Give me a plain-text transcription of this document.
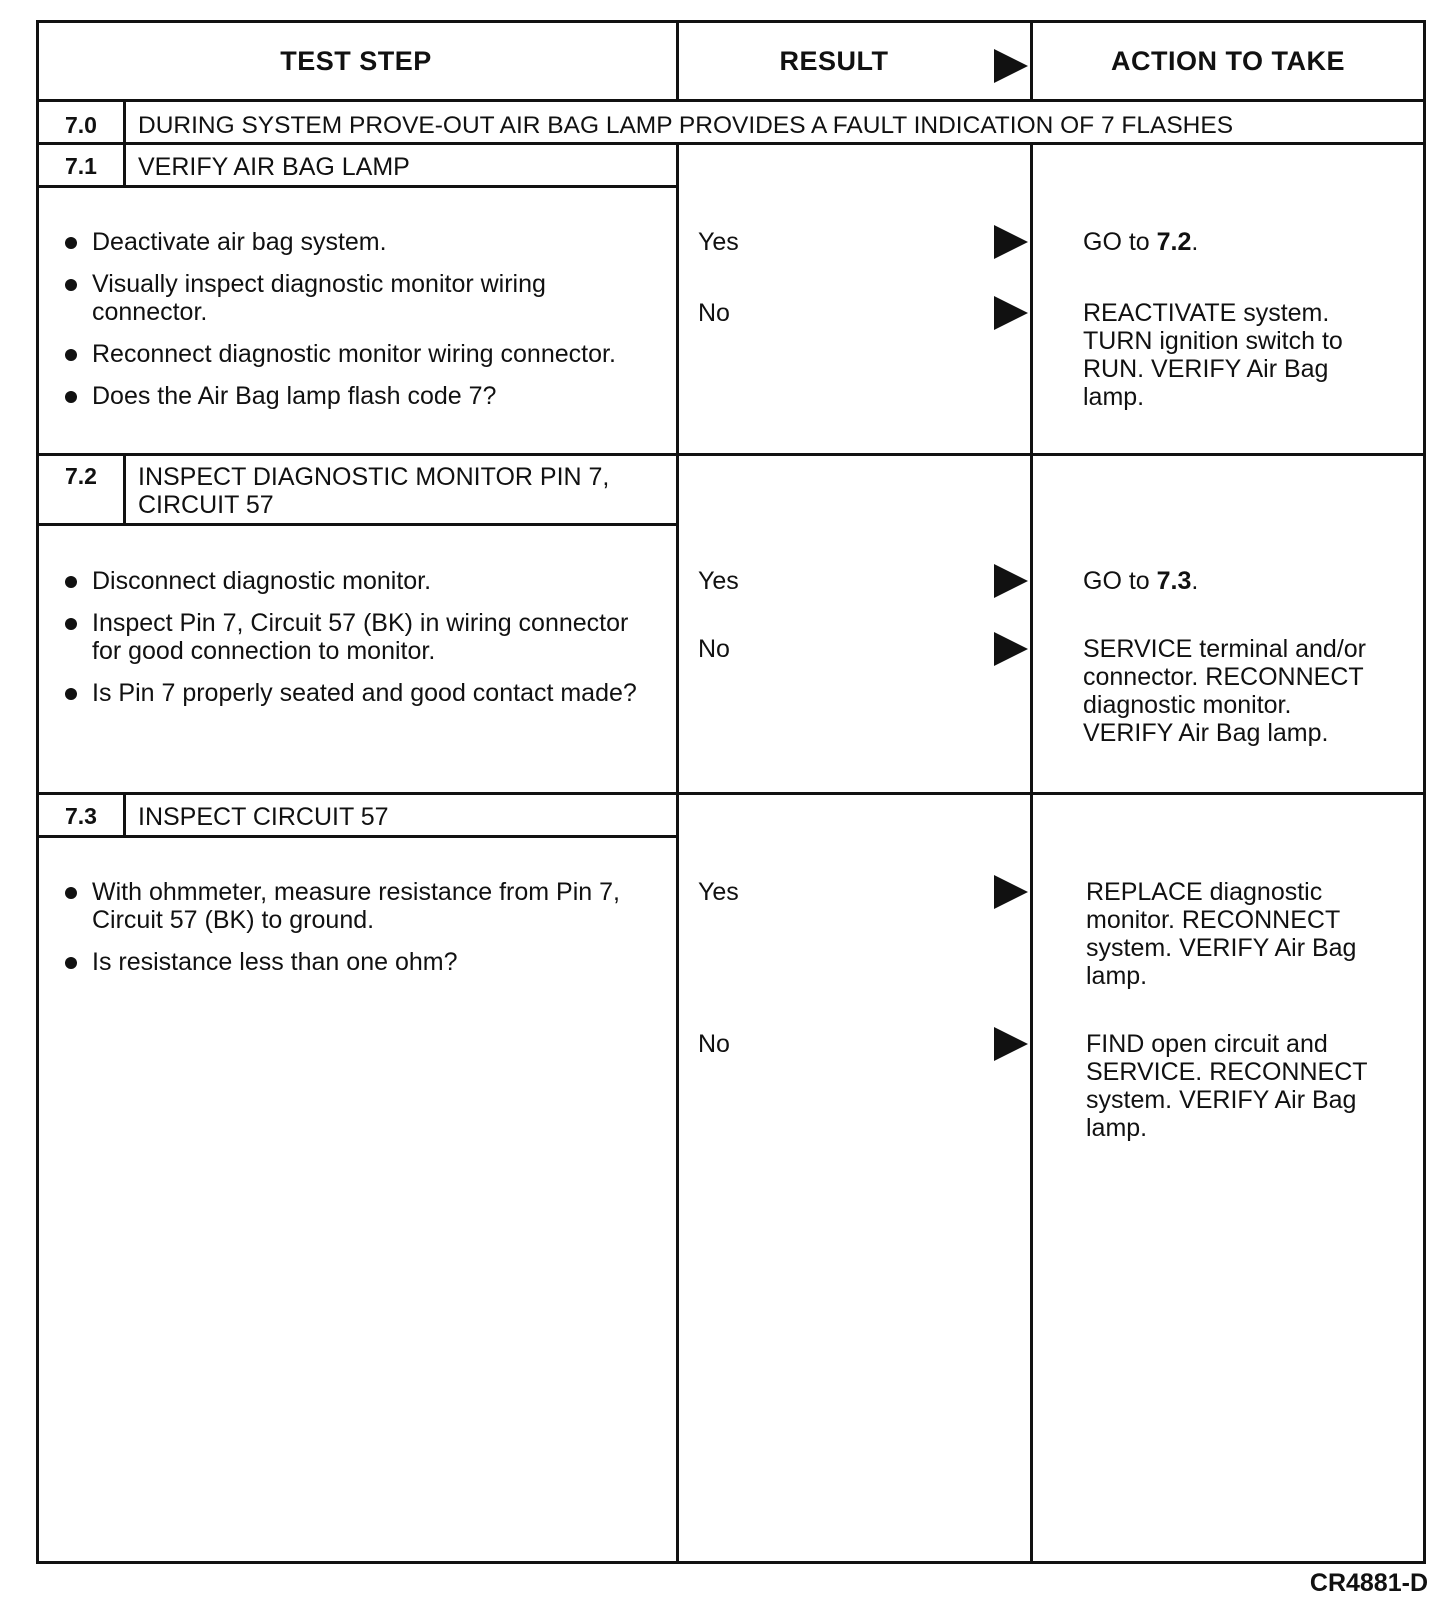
TEST STEP	RESULT	ACTION TO TAKE
7.0	DURING SYSTEM PROVE-OUT AIR BAG LAMP PROVIDES A FAULT INDICATION OF 7 FLASHES
7.1	VERIFY AIR BAG LAMP
Deactivate air bag system.
Visually inspect diagnostic monitor wiring connector.
Reconnect diagnostic monitor wiring connector.
Does the Air Bag lamp flash code 7?
Yes	GO to 7.2.
No	REACTIVATE system. TURN ignition switch to RUN. VERIFY Air Bag lamp.
7.2	INSPECT DIAGNOSTIC MONITOR PIN 7, CIRCUIT 57
Disconnect diagnostic monitor.
Inspect Pin 7, Circuit 57 (BK) in wiring connector for good connection to monitor.
Is Pin 7 properly seated and good contact made?
Yes	GO to 7.3.
No	SERVICE terminal and/or connector. RECONNECT diagnostic monitor. VERIFY Air Bag lamp.
7.3	INSPECT CIRCUIT 57
With ohmmeter, measure resistance from Pin 7, Circuit 57 (BK) to ground.
Is resistance less than one ohm?
Yes	REPLACE diagnostic monitor. RECONNECT system. VERIFY Air Bag lamp.
No	FIND open circuit and SERVICE. RECONNECT system. VERIFY Air Bag lamp.
CR4881-D
